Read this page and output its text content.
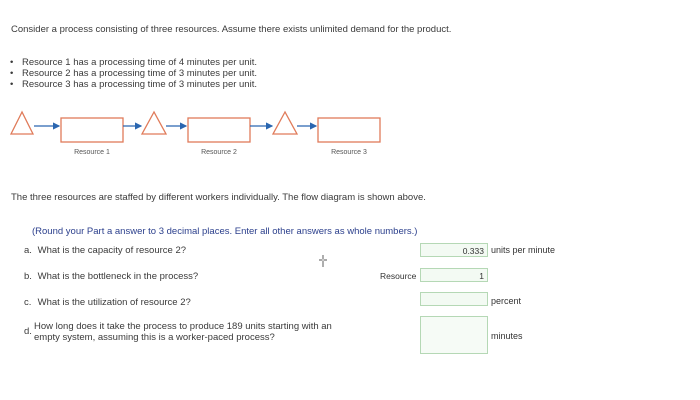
Consider a process consisting of three resources. Assume there exists unlimited demand for the product.
• Resource 1 has a processing time of 4 minutes per unit.
• Resource 2 has a processing time of 3 minutes per unit.
• Resource 3 has a processing time of 3 minutes per unit.
Resource 1	Resource 2	Resource 3
The three resources are staffed by different workers individually. The flow diagram is shown above.
(Round your Part a answer to 3 decimal places. Enter all other answers as whole numbers.)
a. What is the capacity of resource 2?	0.333 units per minute
b. What is the bottleneck in the process?	Resource	1
c. What is the utilization of resource 2?	percent
d. How long does it take the process to produce 189 units starting with an
empty system, assuming this is a worker-paced process?	minutes
